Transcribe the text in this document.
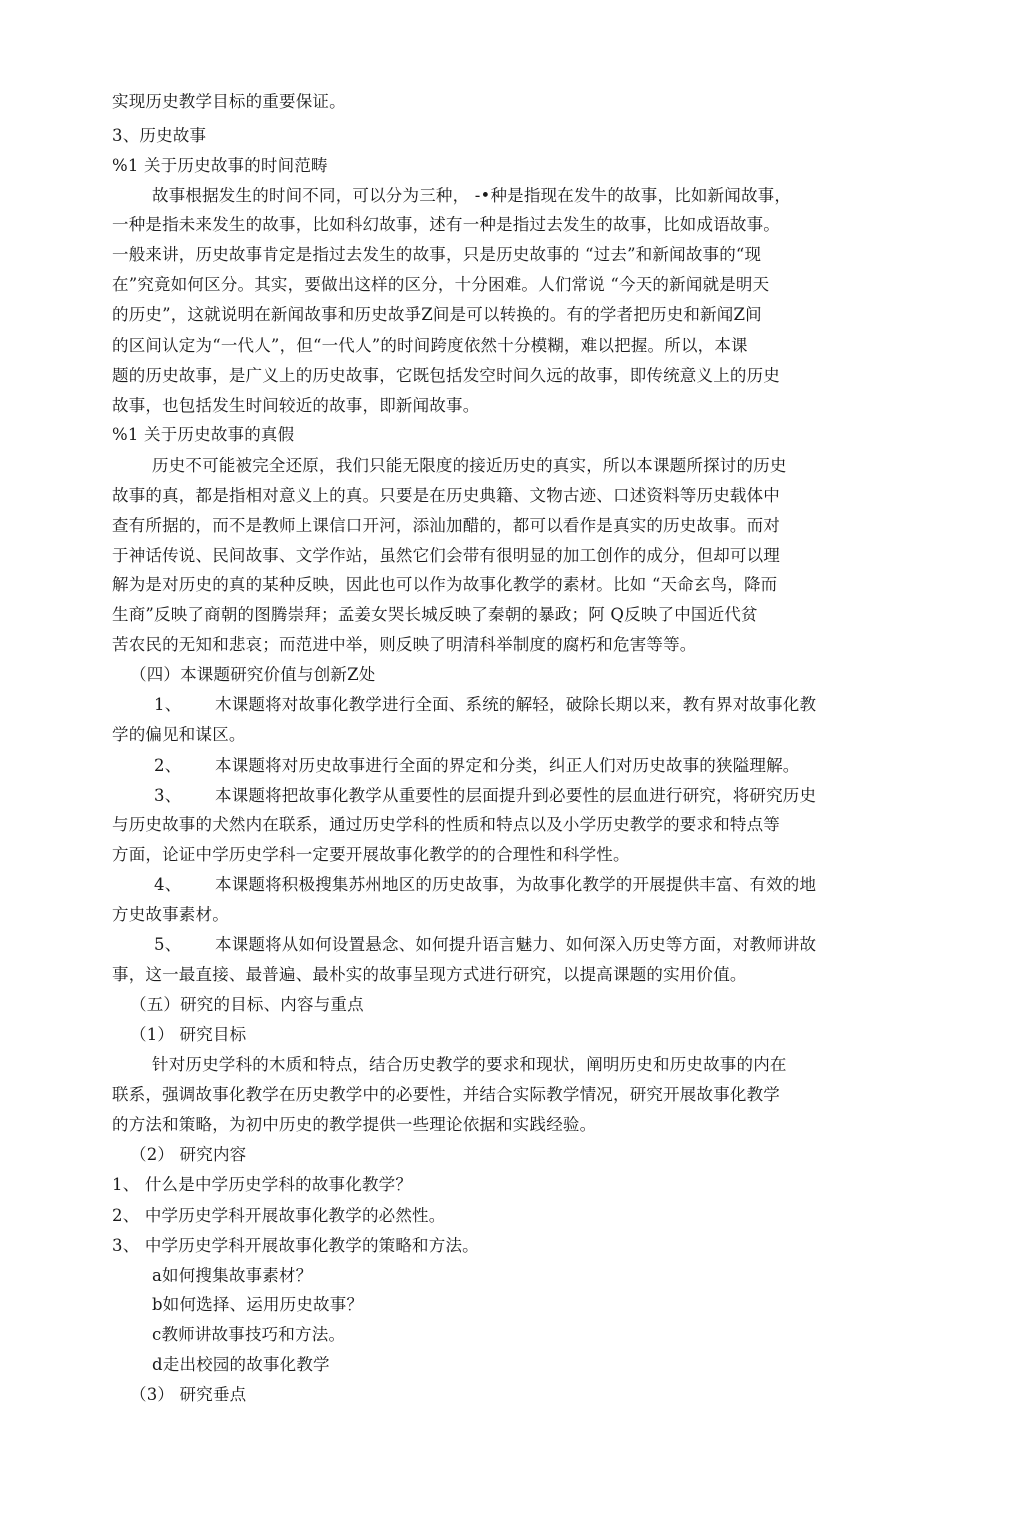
实现历史教学目标的重要保证。
3、历史故事
%1 关于历史故事的时间范畴
故事根据发生的时间不同，可以分为三种， -•种是指现在发牛的故事，比如新闻故事，
一种是指未来发生的故事，比如科幻故事，述有一种是指过去发生的故事，比如成语故事。
一般来讲，历史故事肯定是指过去发生的故事，只是历史故事的 “过去”和新闻故事的“现
在”究竟如何区分。其实，要做出这样的区分，十分困难。人们常说 “今天的新闻就是明天
的历史”，这就说明在新闻故事和历史故爭Z间是可以转换的。有的学者把历史和新闻Z间
的区间认定为“一代人”，但“一代人”的时间跨度依然十分模糊，难以把握。所以，本课
题的历史故事，是广义上的历史故事，它既包括发空时间久远的故事，即传统意义上的历史
故事，也包括发生时间较近的故事，即新闻故事。
%1 关于历史故事的真假
历史不可能被完全还原，我们只能无限度的接近历史的真实，所以本课题所探讨的历史
故事的真，都是指相对意义上的真。只要是在历史典籍、文物古迹、口述资料等历史载体中
查有所据的，而不是教师上课信口开河，添汕加醋的，都可以看作是真实的历史故事。而对
于神话传说、民间故事、文学作站，虽然它们会带有很明显的加工创作的成分，但却可以理
解为是对历史的真的某种反映，因此也可以作为故事化教学的素材。比如 “天命玄鸟，降而
生商”反映了商朝的图腾崇拜；孟姜女哭长城反映了秦朝的暴政；阿 Q反映了中国近代贫
苦农民的无知和悲哀；而范进中举，则反映了明清科举制度的腐朽和危害等等。
（四）本课题研究价值与创新Z处
1、 木课题将对故事化教学进行全面、系统的解轻，破除长期以来，教有界对故事化教
学的偏见和谋区。
2、 本课题将对历史故事进行全面的界定和分类，纠正人们对历史故事的狭隘理解。
3、 本课题将把故事化教学从重要性的层面提升到必要性的层血进行研究，将研究历史
与历史故事的犬然内在联系，通过历史学科的性质和特点以及小学历史教学的要求和特点等
方面，论证中学历史学科一定要开展故事化教学的的合理性和科学性。
4、 本课题将积极搜集苏州地区的历史故事，为故事化教学的开展提供丰富、有效的地
方史故事素材。
5、 本课题将从如何设置悬念、如何提升语言魅力、如何深入历史等方面，对教师讲故
事，这一最直接、最普遍、最朴实的故事呈现方式进行研究，以提高课题的实用价值。
（五）研究的目标、内容与重点
（1） 研究目标
针对历史学科的木质和特点，结合历史教学的要求和现状，阐明历史和历史故事的内在
联系，强调故事化教学在历史教学中的必要性，并结合实际教学情况，研究开展故事化教学
的方法和策略，为初中历史的教学提供一些理论依据和实践经验。
（2） 研究内容
1、 什么是中学历史学科的故事化教学？
2、 中学历史学科开展故事化教学的必然性。
3、 中学历史学科开展故事化教学的策略和方法。
a如何搜集故事素材？
b如何选择、运用历史故事？
c教师讲故事技巧和方法。
d走出校园的故事化教学
（3） 研究垂点
